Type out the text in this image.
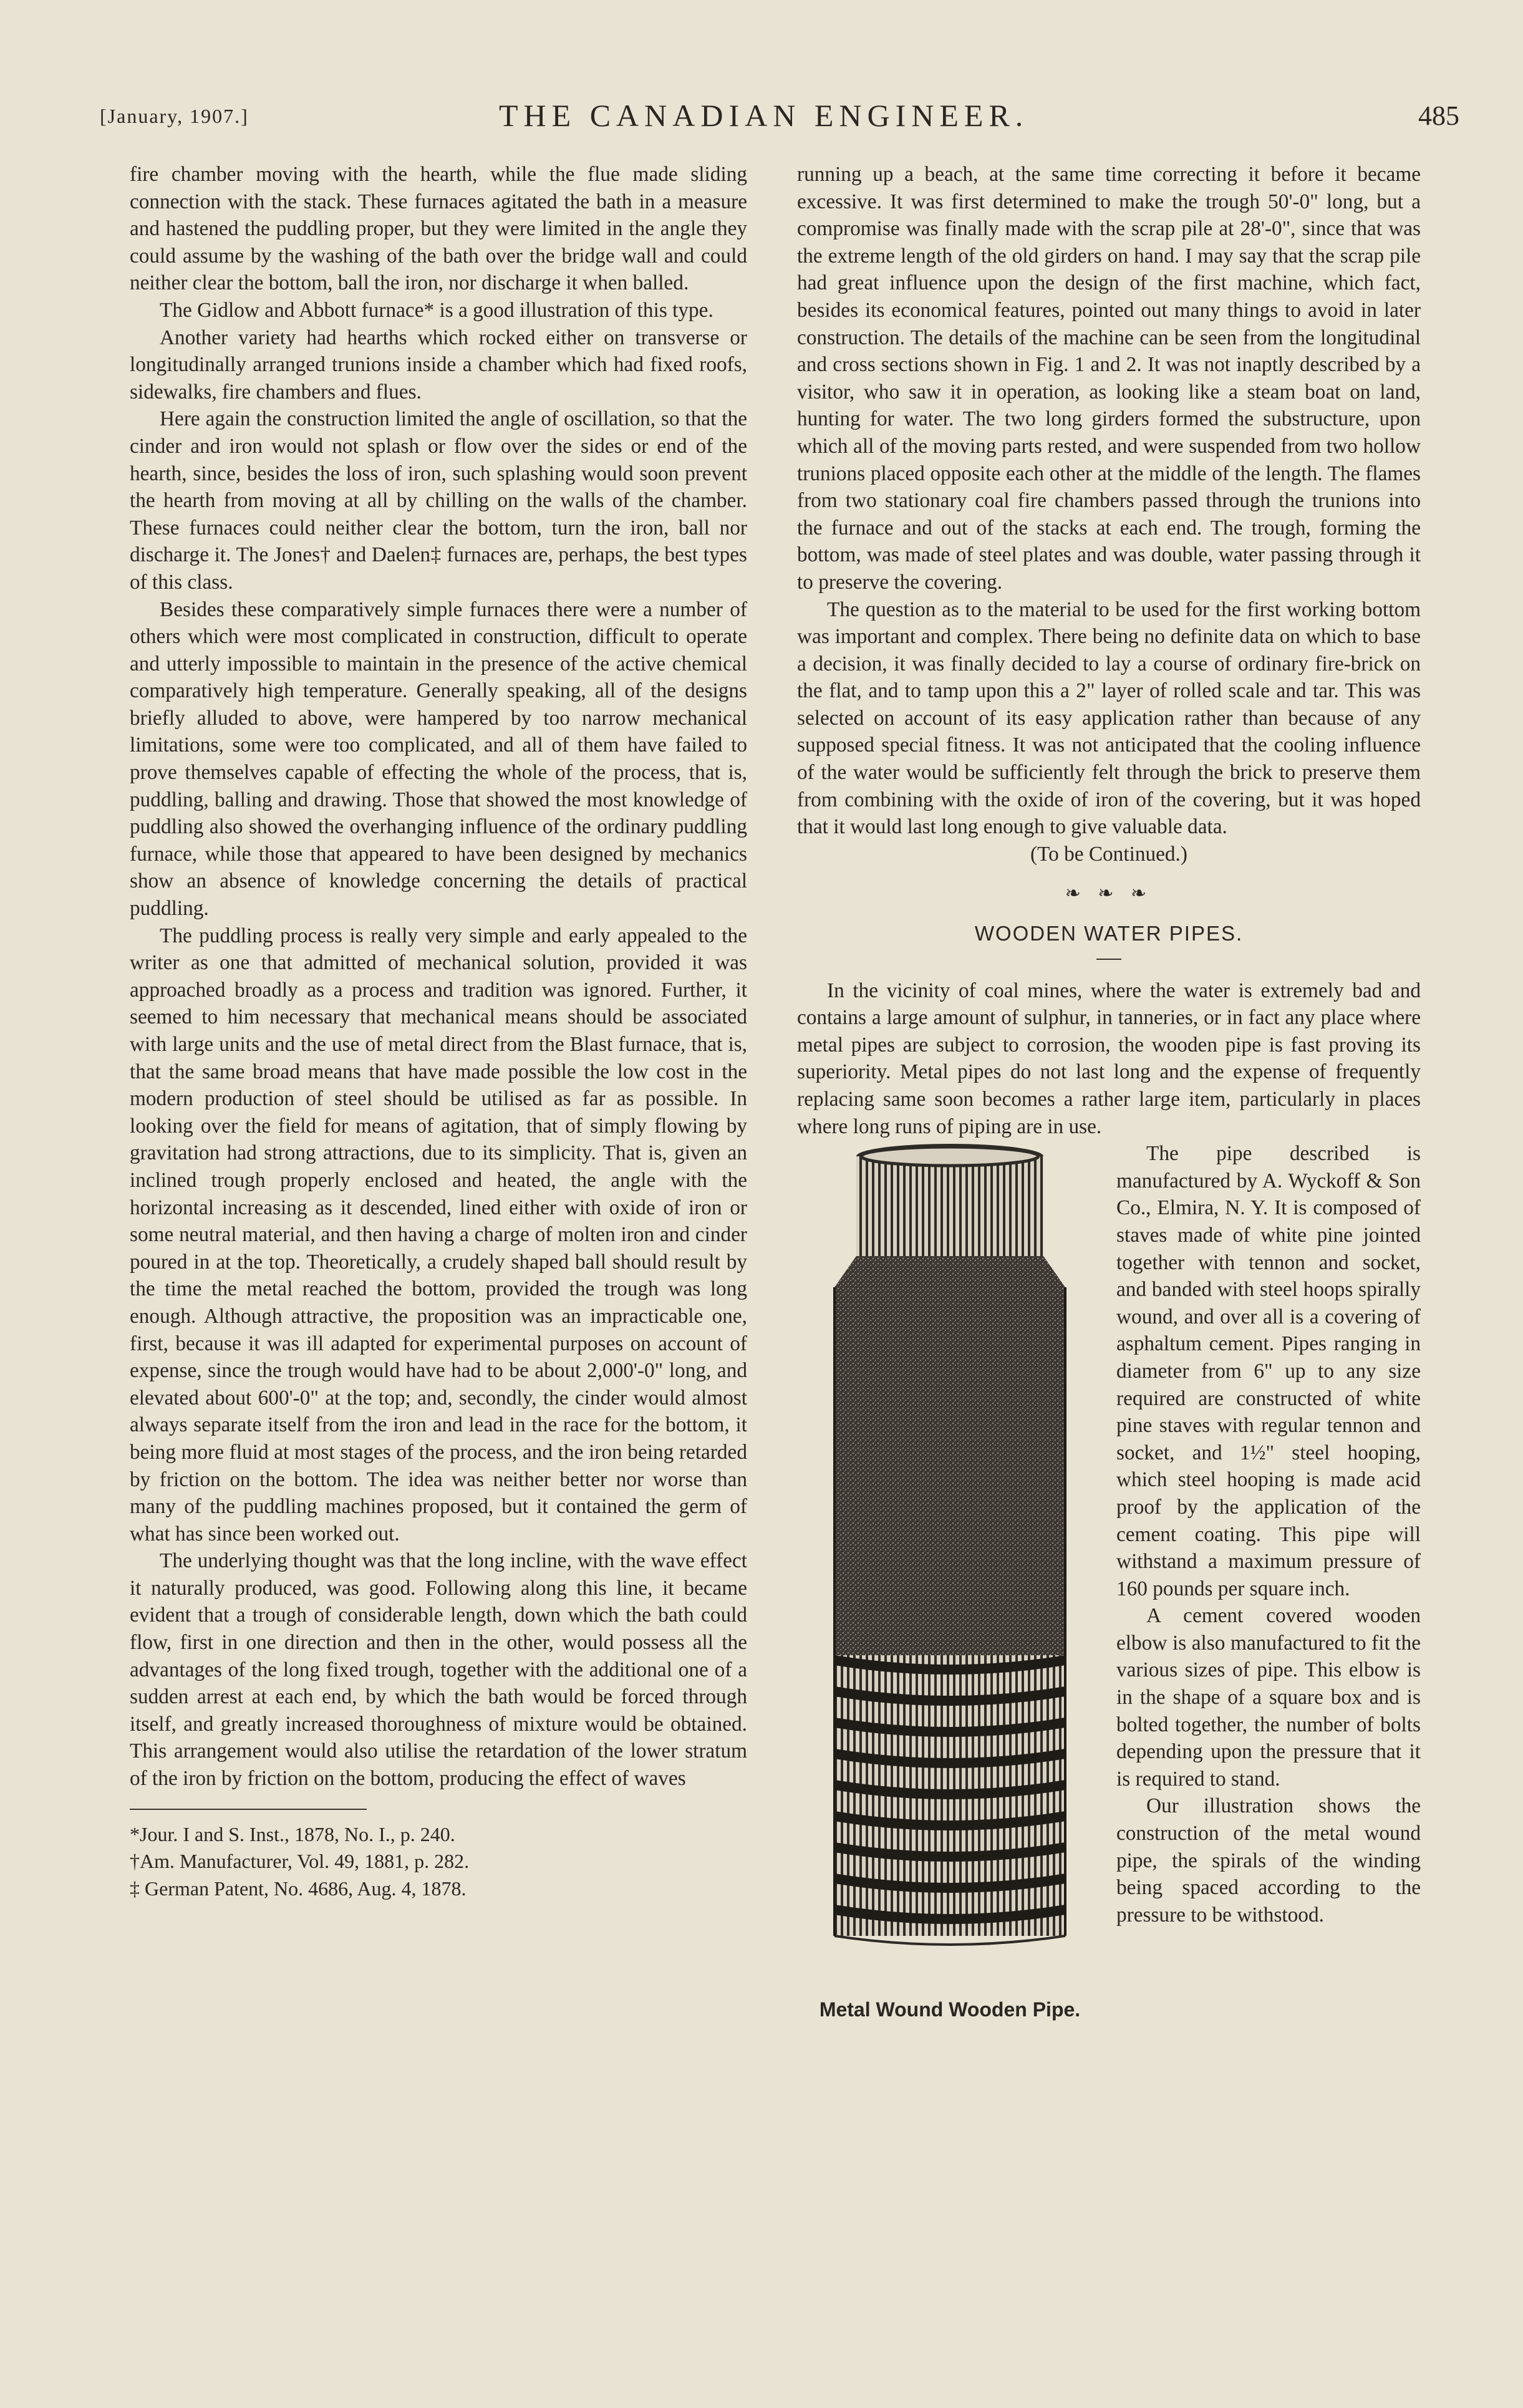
[January, 1907.]	THE CANADIAN ENGINEER.	485

fire chamber moving with the hearth, while the flue made sliding connection with the stack. These furnaces agitated the bath in a measure and hastened the puddling proper, but they were limited in the angle they could assume by the washing of the bath over the bridge wall and could neither clear the bottom, ball the iron, nor discharge it when balled.

The Gidlow and Abbott furnace* is a good illustration of this type.

Another variety had hearths which rocked either on transverse or longitudinally arranged trunions inside a chamber which had fixed roofs, sidewalks, fire chambers and flues.

Here again the construction limited the angle of oscillation, so that the cinder and iron would not splash or flow over the sides or end of the hearth, since, besides the loss of iron, such splashing would soon prevent the hearth from moving at all by chilling on the walls of the chamber. These furnaces could neither clear the bottom, turn the iron, ball nor discharge it. The Jones† and Daelen‡ furnaces are, perhaps, the best types of this class.

Besides these comparatively simple furnaces there were a number of others which were most complicated in construction, difficult to operate and utterly impossible to maintain in the presence of the active chemical comparatively high temperature. Generally speaking, all of the designs briefly alluded to above, were hampered by too narrow mechanical limitations, some were too complicated, and all of them have failed to prove themselves capable of effecting the whole of the process, that is, puddling, balling and drawing. Those that showed the most knowledge of puddling also showed the overhanging influence of the ordinary puddling furnace, while those that appeared to have been designed by mechanics show an absence of knowledge concerning the details of practical puddling.

The puddling process is really very simple and early appealed to the writer as one that admitted of mechanical solution, provided it was approached broadly as a process and tradition was ignored. Further, it seemed to him necessary that mechanical means should be associated with large units and the use of metal direct from the Blast furnace, that is, that the same broad means that have made possible the low cost in the modern production of steel should be utilised as far as possible. In looking over the field for means of agitation, that of simply flowing by gravitation had strong attractions, due to its simplicity. That is, given an inclined trough properly enclosed and heated, the angle with the horizontal increasing as it descended, lined either with oxide of iron or some neutral material, and then having a charge of molten iron and cinder poured in at the top. Theoretically, a crudely shaped ball should result by the time the metal reached the bottom, provided the trough was long enough. Although attractive, the proposition was an impracticable one, first, because it was ill adapted for experimental purposes on account of expense, since the trough would have had to be about 2,000'-0" long, and elevated about 600'-0" at the top; and, secondly, the cinder would almost always separate itself from the iron and lead in the race for the bottom, it being more fluid at most stages of the process, and the iron being retarded by friction on the bottom. The idea was neither better nor worse than many of the puddling machines proposed, but it contained the germ of what has since been worked out.

The underlying thought was that the long incline, with the wave effect it naturally produced, was good. Following along this line, it became evident that a trough of considerable length, down which the bath could flow, first in one direction and then in the other, would possess all the advantages of the long fixed trough, together with the additional one of a sudden arrest at each end, by which the bath would be forced through itself, and greatly increased thoroughness of mixture would be obtained. This arrangement would also utilise the retardation of the lower stratum of the iron by friction on the bottom, producing the effect of waves

*Jour. I and S. Inst., 1878, No. I., p. 240.

†Am. Manufacturer, Vol. 49, 1881, p. 282.

‡ German Patent, No. 4686, Aug. 4, 1878.

running up a beach, at the same time correcting it before it became excessive. It was first determined to make the trough 50'-0" long, but a compromise was finally made with the scrap pile at 28'-0", since that was the extreme length of the old girders on hand. I may say that the scrap pile had great influence upon the design of the first machine, which fact, besides its economical features, pointed out many things to avoid in later construction. The details of the machine can be seen from the longitudinal and cross sections shown in Fig. 1 and 2. It was not inaptly described by a visitor, who saw it in operation, as looking like a steam boat on land, hunting for water. The two long girders formed the substructure, upon which all of the moving parts rested, and were suspended from two hollow trunions placed opposite each other at the middle of the length. The flames from two stationary coal fire chambers passed through the trunions into the furnace and out of the stacks at each end. The trough, forming the bottom, was made of steel plates and was double, water passing through it to preserve the covering.

The question as to the material to be used for the first working bottom was important and complex. There being no definite data on which to base a decision, it was finally decided to lay a course of ordinary fire-brick on the flat, and to tamp upon this a 2" layer of rolled scale and tar. This was selected on account of its easy application rather than because of any supposed special fitness. It was not anticipated that the cooling influence of the water would be sufficiently felt through the brick to preserve them from combining with the oxide of iron of the covering, but it was hoped that it would last long enough to give valuable data.

(To be Continued.)

❧ ❧ ❧
WOODEN WATER PIPES.

In the vicinity of coal mines, where the water is extremely bad and contains a large amount of sulphur, in tanneries, or in fact any place where metal pipes are subject to corrosion, the wooden pipe is fast proving its superiority. Metal pipes do not last long and the expense of frequently replacing same soon becomes a rather large item, particularly in places where long runs of piping are in use.

Metal Wound Wooden Pipe.

The pipe described is manufactured by A. Wyckoff & Son Co., Elmira, N. Y. It is composed of staves made of white pine jointed together with tennon and socket, and banded with steel hoops spirally wound, and over all is a covering of asphaltum cement. Pipes ranging in diameter from 6" up to any size required are constructed of white pine staves with regular tennon and socket, and 1½" steel hooping, which steel hooping is made acid proof by the application of the cement coating. This pipe will withstand a maximum pressure of 160 pounds per square inch.

A cement covered wooden elbow is also manufactured to fit the various sizes of pipe. This elbow is in the shape of a square box and is bolted together, the number of bolts depending upon the pressure that it is required to stand.

Our illustration shows the construction of the metal wound pipe, the spirals of the winding being spaced according to the pressure to be withstood.
